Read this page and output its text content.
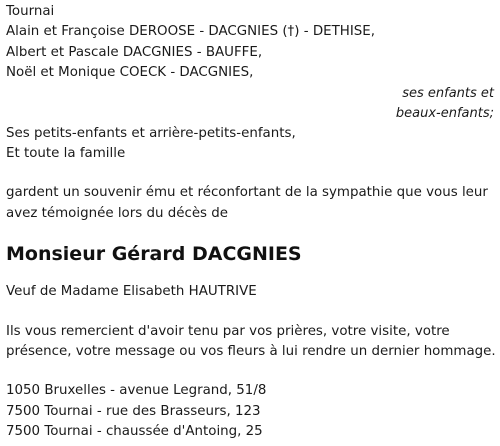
Tournai
Alain et Françoise DEROOSE - DACGNIES (†) - DETHISE,
Albert et Pascale DACGNIES - BAUFFE,
Noël et Monique COECK - DACGNIES,
ses enfants et
beaux-enfants;
Ses petits-enfants et arrière-petits-enfants,
Et toute la famille
gardent un souvenir ému et réconfortant de la sympathie que vous leur
avez témoignée lors du décès de
Monsieur Gérard DACGNIES
Veuf de Madame Elisabeth HAUTRIVE
Ils vous remercient d'avoir tenu par vos prières, votre visite, votre
présence, votre message ou vos fleurs à lui rendre un dernier hommage.
1050 Bruxelles - avenue Legrand, 51/8
7500 Tournai - rue des Brasseurs, 123
7500 Tournai - chaussée d'Antoing, 25
